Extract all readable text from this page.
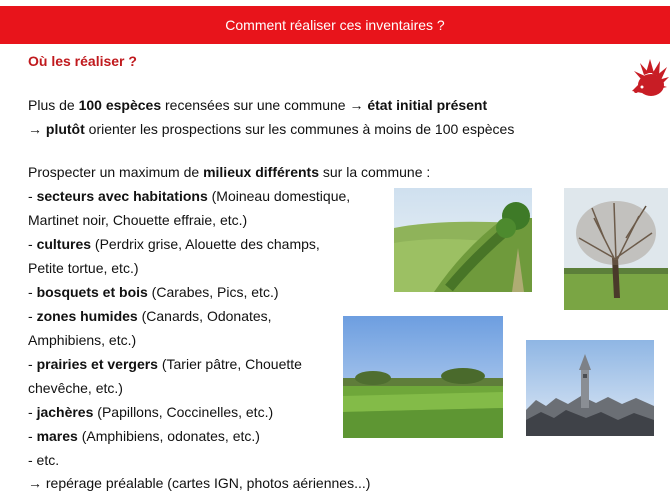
Comment réaliser ces inventaires ?
Où les réaliser ?
Plus de 100 espèces recensées sur une commune → état initial présent
→ plutôt orienter les prospections sur les communes à moins de 100 espèces
Prospecter un maximum de milieux différents sur la commune :
- secteurs avec habitations (Moineau domestique,
Martinet noir, Chouette effraie, etc.)
- cultures (Perdrix grise, Alouette des champs,
Petite tortue, etc.)
- bosquets et bois (Carabes, Pics, etc.)
- zones humides (Canards, Odonates,
Amphibiens, etc.)
- prairies et vergers (Tarier pâtre, Chouette
chevêche, etc.)
- jachères (Papillons, Coccinelles, etc.)
- mares (Amphibiens, odonates, etc.)
- etc.
→ repérage préalable (cartes IGN, photos aériennes...)
